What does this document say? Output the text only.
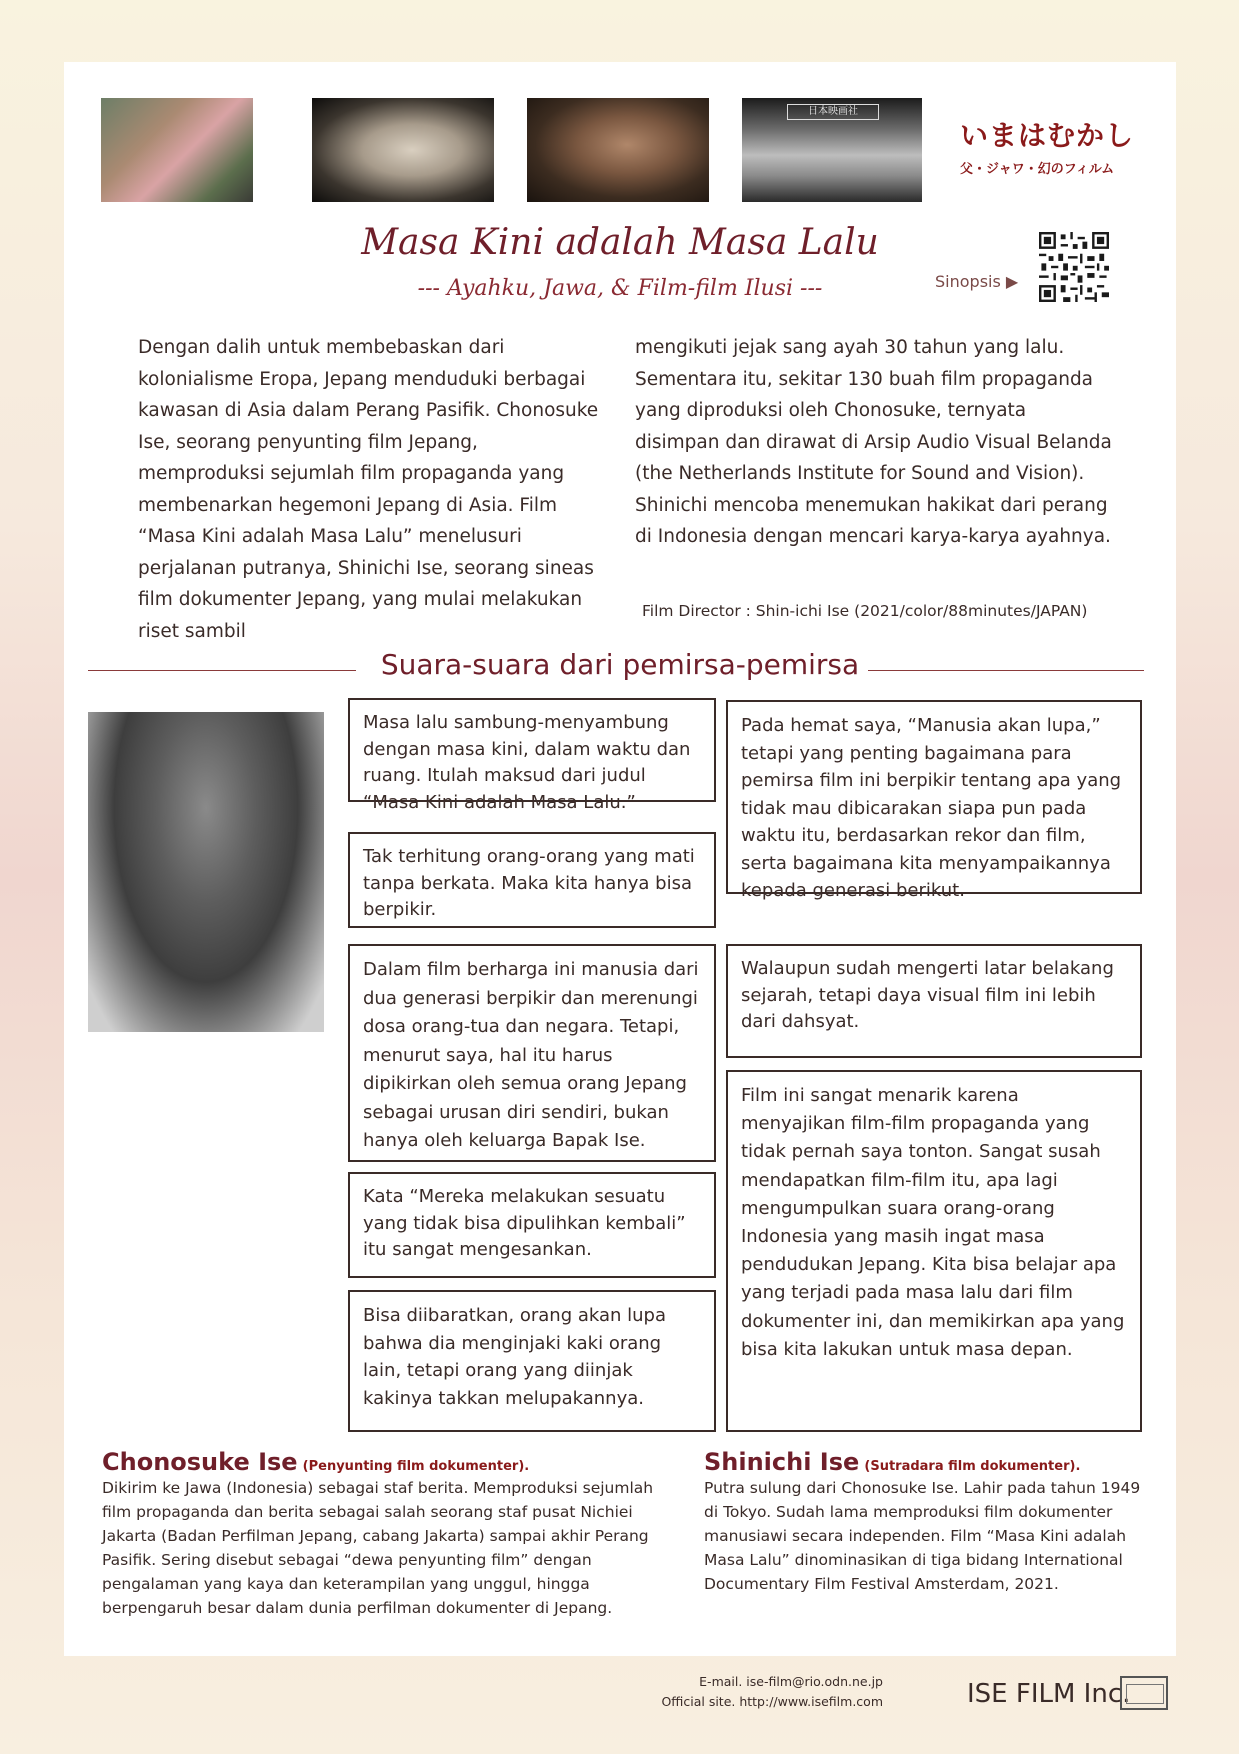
日本映画社
いまはむかし
父・ジャワ・幻のフィルム
Masa Kini adalah Masa Lalu
--- Ayahku, Jawa, & Film-film Ilusi ---	Sinopsis ▶
Dengan dalih untuk membebaskan dari kolonialisme Eropa, Jepang menduduki berbagai kawasan di Asia dalam Perang Pasifik. Chonosuke Ise, seorang penyunting film Jepang, memproduksi sejumlah film propaganda yang membenarkan hegemoni Jepang di Asia. Film “Masa Kini adalah Masa Lalu” menelusuri perjalanan putranya, Shinichi Ise, seorang sineas film dokumenter Jepang, yang mulai melakukan riset sambil
mengikuti jejak sang ayah 30 tahun yang lalu. Sementara itu, sekitar 130 buah film propaganda yang diproduksi oleh Chonosuke, ternyata disimpan dan dirawat di Arsip Audio Visual Belanda (the Netherlands Institute for Sound and Vision). Shinichi mencoba menemukan hakikat dari perang di Indonesia dengan mencari karya-karya ayahnya.
Film Director : Shin-ichi Ise (2021/color/88minutes/JAPAN)
Suara-suara dari pemirsa-pemirsa
Masa lalu sambung-menyambung dengan masa kini, dalam waktu dan ruang. Itulah maksud dari judul “Masa Kini adalah Masa Lalu.”
Tak terhitung orang-orang yang mati tanpa berkata. Maka kita hanya bisa berpikir.
Dalam film berharga ini manusia dari dua generasi berpikir dan merenungi dosa orang-tua dan negara. Tetapi, menurut saya, hal itu harus dipikirkan oleh semua orang Jepang sebagai urusan diri sendiri, bukan hanya oleh keluarga Bapak Ise.
Kata “Mereka melakukan sesuatu yang tidak bisa dipulihkan kembali” itu sangat mengesankan.
Bisa diibaratkan, orang akan lupa bahwa dia menginjaki kaki orang lain, tetapi orang yang diinjak kakinya takkan melupakannya.
Pada hemat saya, “Manusia akan lupa,” tetapi yang penting bagaimana para pemirsa film ini berpikir tentang apa yang tidak mau dibicarakan siapa pun pada waktu itu, berdasarkan rekor dan film, serta bagaimana kita menyampaikannya kepada generasi berikut.
Walaupun sudah mengerti latar belakang sejarah, tetapi daya visual film ini lebih dari dahsyat.
Film ini sangat menarik karena menyajikan film-film propaganda yang tidak pernah saya tonton. Sangat susah mendapatkan film-film itu, apa lagi mengumpulkan suara orang-orang Indonesia yang masih ingat masa pendudukan Jepang. Kita bisa belajar apa yang terjadi pada masa lalu dari film dokumenter ini, dan memikirkan apa yang bisa kita lakukan untuk masa depan.
Chonosuke Ise (Penyunting film dokumenter).
Dikirim ke Jawa (Indonesia) sebagai staf berita. Memproduksi sejumlah film propaganda dan berita sebagai salah seorang staf pusat Nichiei Jakarta (Badan Perfilman Jepang, cabang Jakarta) sampai akhir Perang Pasifik. Sering disebut sebagai “dewa penyunting film” dengan pengalaman yang kaya dan keterampilan yang unggul, hingga berpengaruh besar dalam dunia perfilman dokumenter di Jepang.
Shinichi Ise (Sutradara film dokumenter).
Putra sulung dari Chonosuke Ise. Lahir pada tahun 1949 di Tokyo. Sudah lama memproduksi film dokumenter manusiawi secara independen. Film “Masa Kini adalah Masa Lalu” dinominasikan di tiga bidang International Documentary Film Festival Amsterdam, 2021.
E-mail. ise-film@rio.odn.ne.jp
Official site. http://www.isefilm.com	ISE FILM Inc.
